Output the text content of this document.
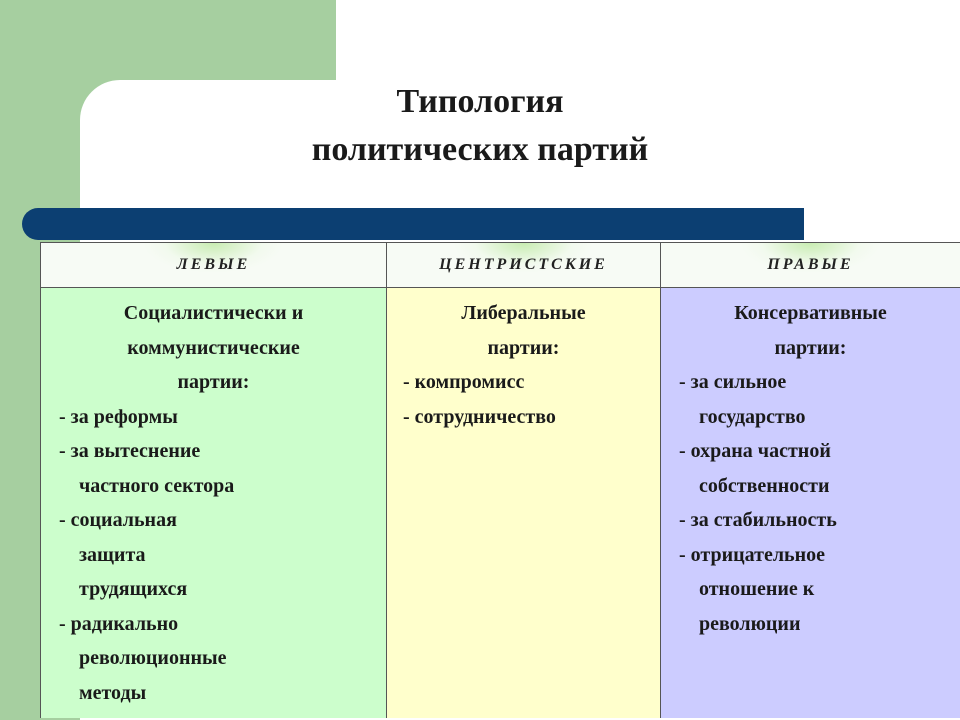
Типология
политических партий
ЛЕВЫЕ
Социалистически и
коммунистические
партии:
- за реформы
- за вытеснение
частного сектора
- социальная
защита
трудящихся
- радикально
революционные
методы
ЦЕНТРИСТСКИЕ
Либеральные
партии:
- компромисс
- сотрудничество
ПРАВЫЕ
Консервативные
партии:
- за сильное
государство
- охрана частной
собственности
- за стабильность
- отрицательное
отношение к
революции
